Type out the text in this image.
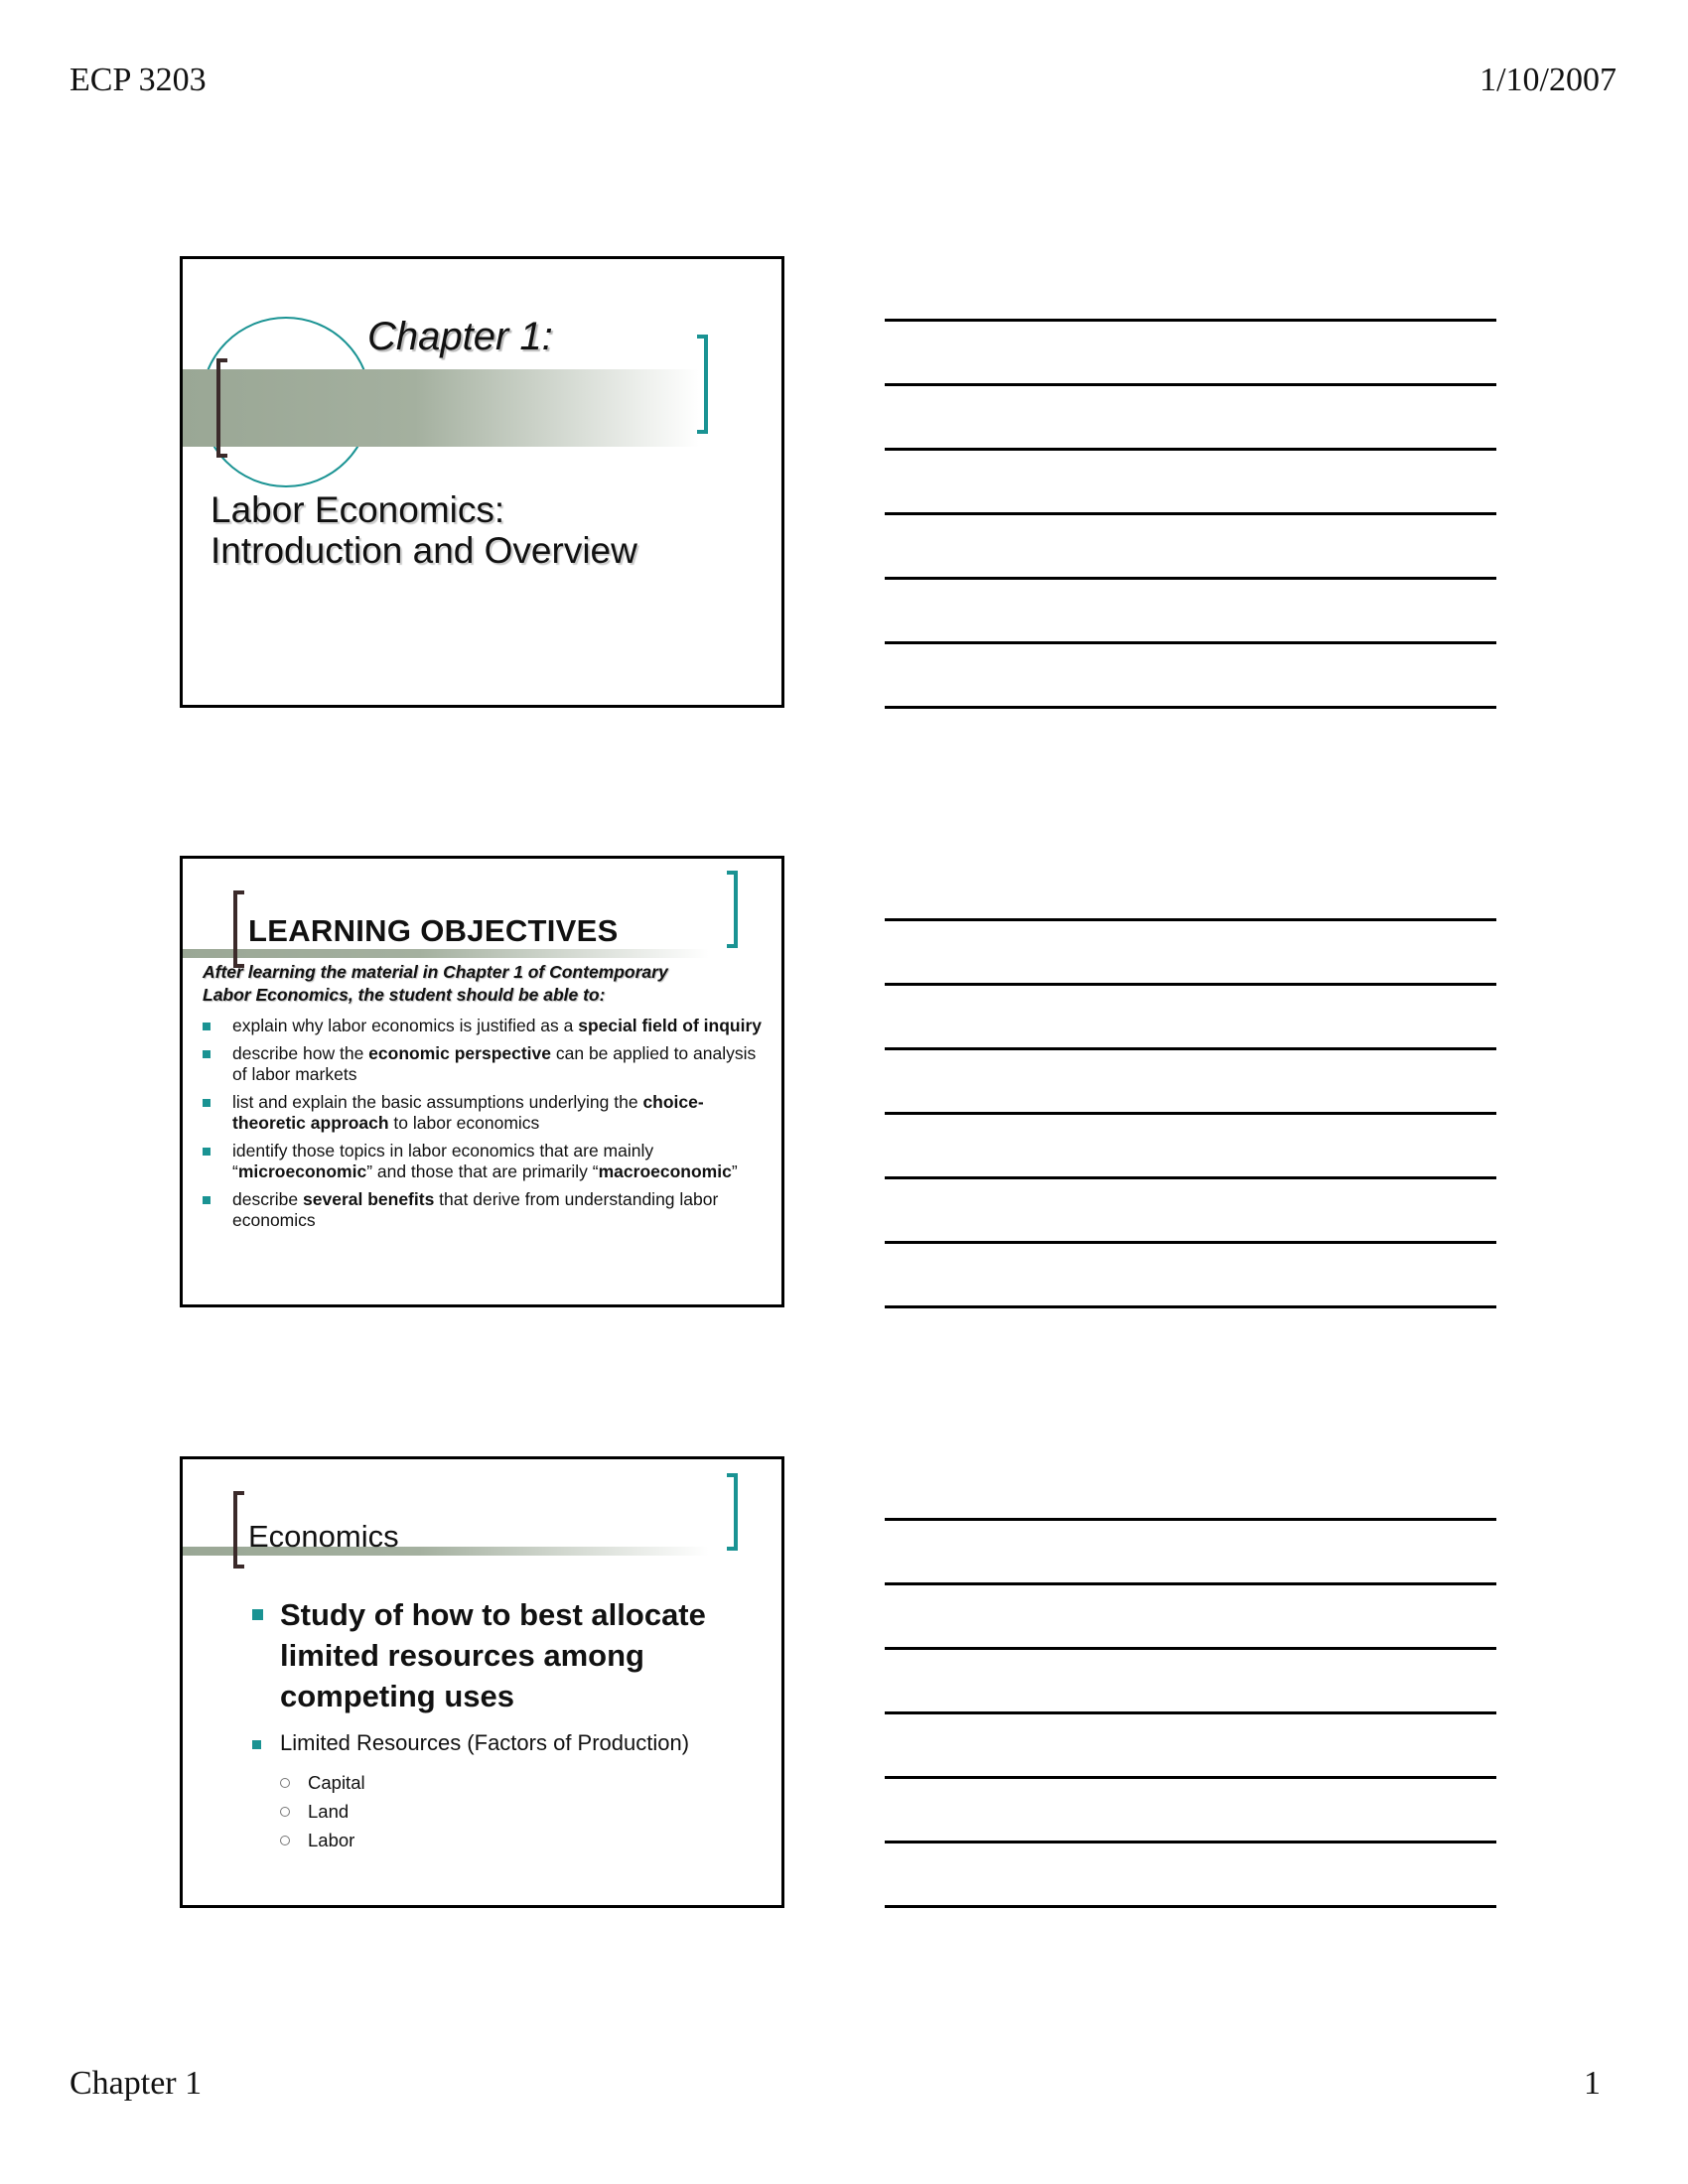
ECP 3203	1/10/2007
Chapter 1:
Labor Economics:
Introduction and Overview
LEARNING OBJECTIVES
After learning the material in Chapter 1 of Contemporary
Labor Economics, the student should be able to:
explain why labor economics is justified as a special field of inquiry
describe how the economic perspective can be applied to analysis of labor markets
list and explain the basic assumptions underlying the choice-theoretic approach to labor economics
identify those topics in labor economics that are mainly “microeconomic” and those that are primarily “macroeconomic”
describe several benefits that derive from understanding labor economics
Economics
Study of how to best allocate
limited resources among
competing uses
Limited Resources (Factors of Production)
Capital
Land
Labor
Chapter 1	1
